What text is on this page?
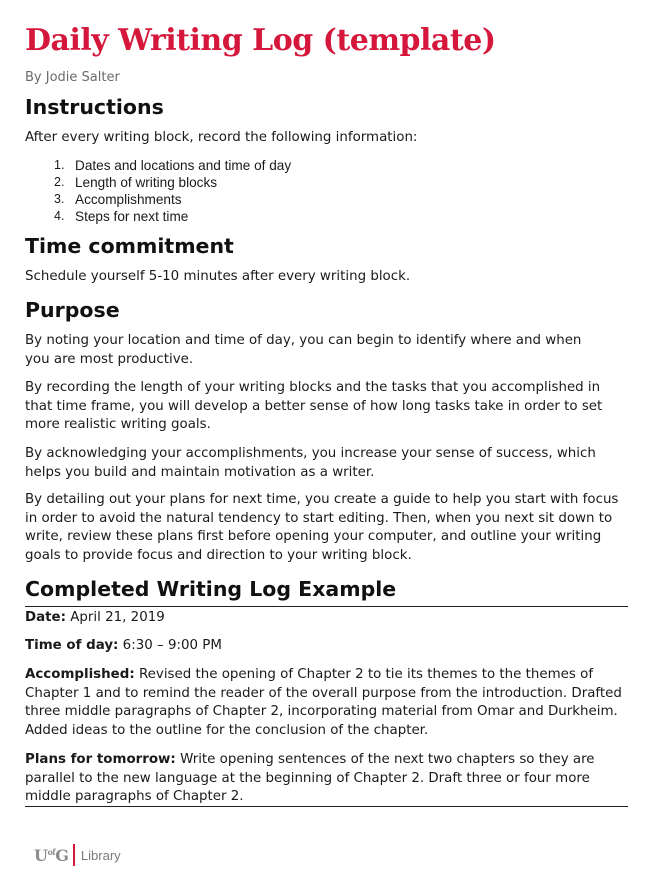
Daily Writing Log (template)
By Jodie Salter
Instructions

After every writing block, record the following information:

1. Dates and locations and time of day
2. Length of writing blocks
3. Accomplishments
4. Steps for next time
Time commitment

Schedule yourself 5-10 minutes after every writing block.

Purpose

By noting your location and time of day, you can begin to identify where and when you are most productive.

By recording the length of your writing blocks and the tasks that you accomplished in that time frame, you will develop a better sense of how long tasks take in order to set more realistic writing goals.

By acknowledging your accomplishments, you increase your sense of success, which helps you build and maintain motivation as a writer.

By detailing out your plans for next time, you create a guide to help you start with focus in order to avoid the natural tendency to start editing. Then, when you next sit down to write, review these plans first before opening your computer, and outline your writing goals to provide focus and direction to your writing block.

Completed Writing Log Example

Date: April 21, 2019

Time of day: 6:30 – 9:00 PM

Accomplished: Revised the opening of Chapter 2 to tie its themes to the themes of Chapter 1 and to remind the reader of the overall purpose from the introduction. Drafted three middle paragraphs of Chapter 2, incorporating material from Omar and Durkheim. Added ideas to the outline for the conclusion of the chapter.

Plans for tomorrow: Write opening sentences of the next two chapters so they are parallel to the new language at the beginning of Chapter 2. Draft three or four more middle paragraphs of Chapter 2.

$U^{of}G$ Library
